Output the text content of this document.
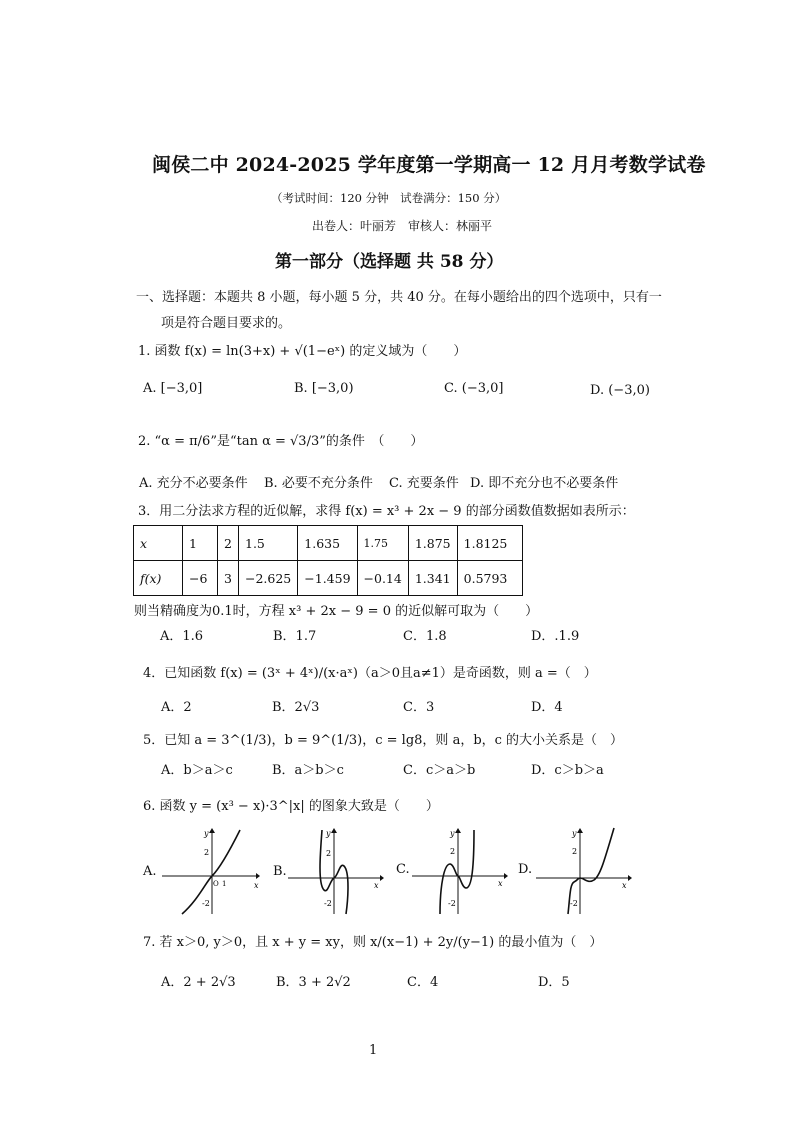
闽侯二中 2024-2025 学年度第一学期高一 12 月月考数学试卷
（考试时间：120 分钟　试卷满分：150 分）
出卷人：叶丽芳　审核人：林丽平
第一部分（选择题 共 58 分）
一、选择题：本题共 8 小题，每小题 5 分，共 40 分。在每小题给出的四个选项中，只有一
项是符合题目要求的。
1. 函数 f(x) = ln(3+x) + √(1−eˣ) 的定义域为（　　）
A. [−3,0]	B. [−3,0)	C. (−3,0]	D. (−3,0)
2. “α = π/6”是“tan α = √3/3”的条件　（　　）
A. 充分不必要条件 B. 必要不充分条件 C. 充要条件 D. 即不充分也不必要条件
3．用二分法求方程的近似解，求得 f(x) = x³ + 2x − 9 的部分函数值数据如表所示：
x	1	2	1.5	1.635	1.75	1.875	1.8125
f(x)	−6	3	−2.625	−1.459	−0.14	1.341	0.5793
则当精确度为0.1时，方程 x³ + 2x − 9 = 0 的近似解可取为（　　）
A．1.6	B．1.7	C．1.8	D．.1.9
4．已知函数 f(x) = (3ˣ + 4ˣ)/(x·aˣ)（a＞0且a≠1）是奇函数，则 a =（　）
A．2	B．2√3	C．3	D．4
5．已知 a = 3^(1/3)，b = 9^(1/3)，c = lg8，则 a，b，c 的大小关系是（　）
A．b＞a＞c	B．a＞b＞c	C．c＞a＞b	D．c＞b＞a
6. 函数 y = (x³ − x)·3^|x| 的图象大致是（　　）
A.
y
x
2
-2
O 1
B.
y
x
2
-2
C.
y
x
2
-2
D.
y
x
2
-2
7. 若 x＞0, y＞0，且 x + y = xy，则 x/(x−1) + 2y/(y−1) 的最小值为（　）
A．2 + 2√3	B．3 + 2√2	C．4	D．5
1
